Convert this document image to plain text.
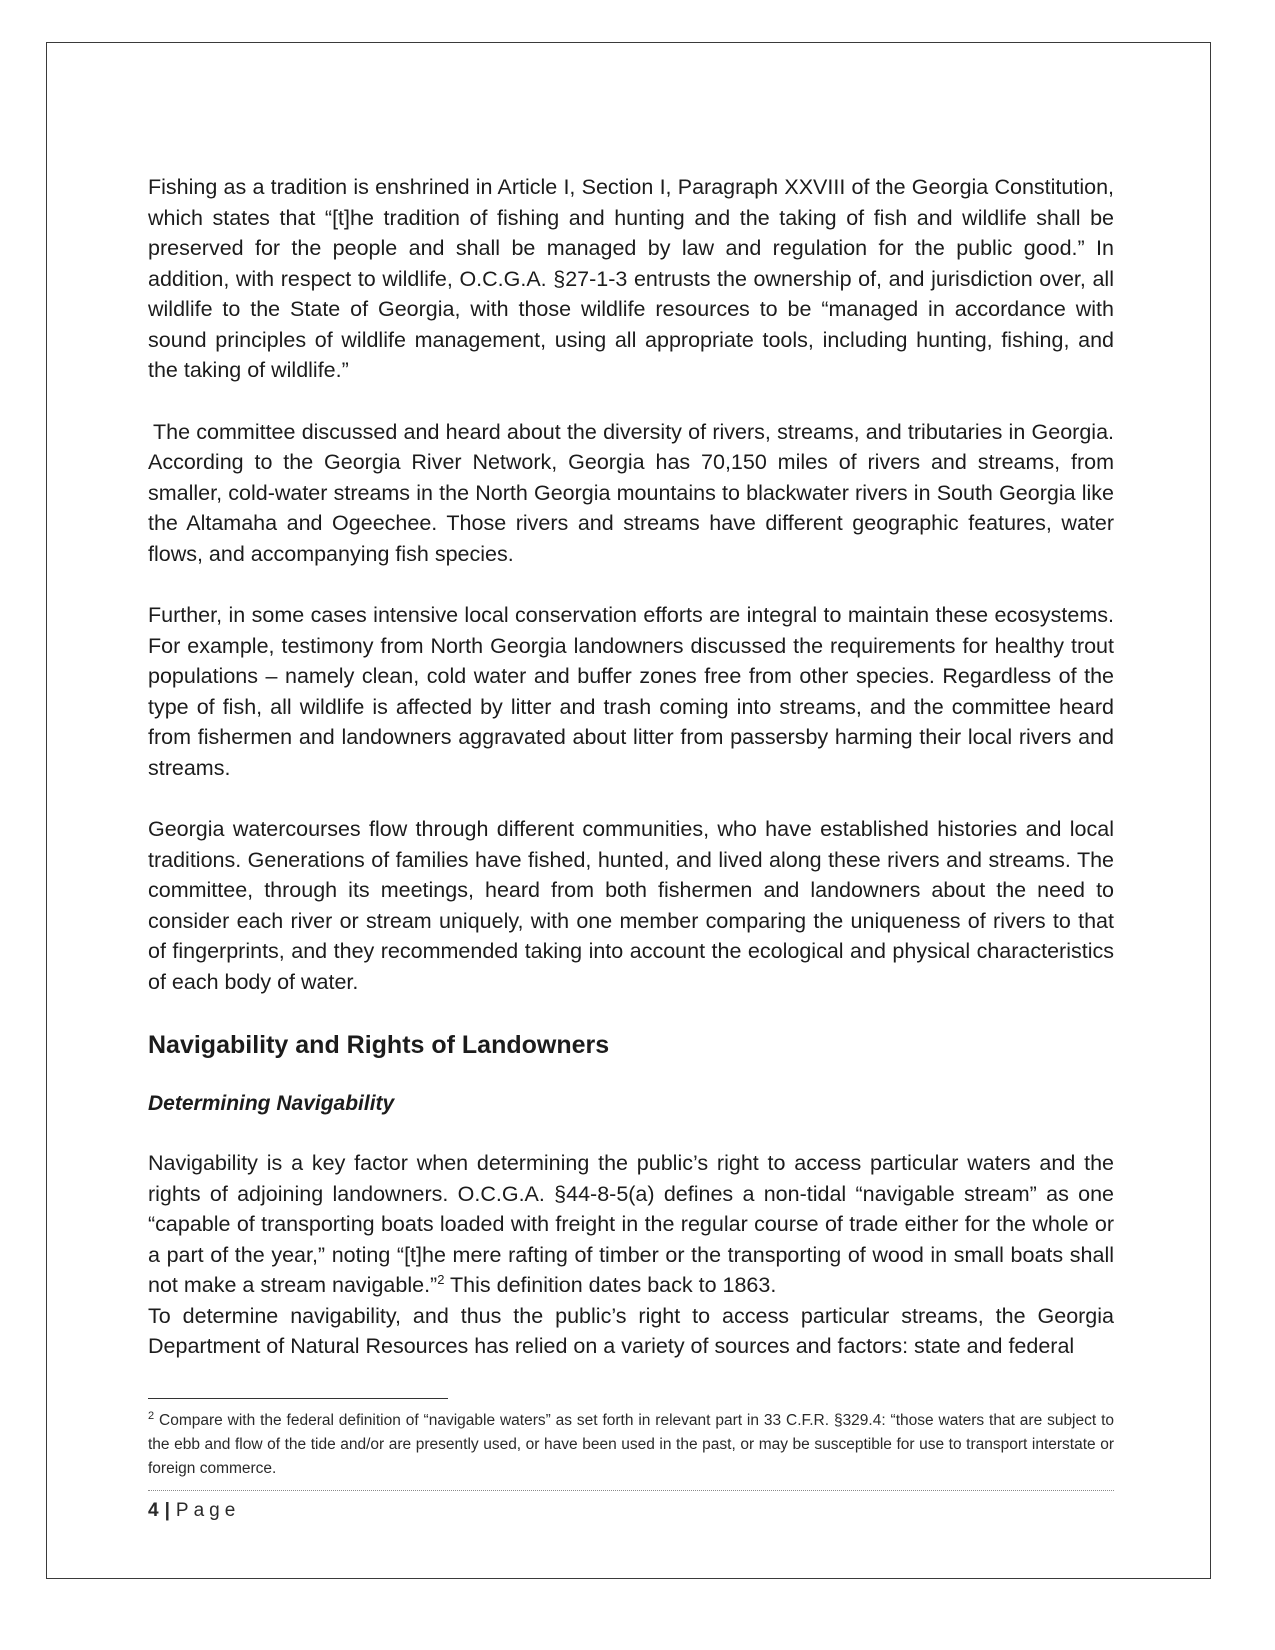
Fishing as a tradition is enshrined in Article I, Section I, Paragraph XXVIII of the Georgia Constitution, which states that “[t]he tradition of fishing and hunting and the taking of fish and wildlife shall be preserved for the people and shall be managed by law and regulation for the public good.” In addition, with respect to wildlife, O.C.G.A. §27-1-3 entrusts the ownership of, and jurisdiction over, all wildlife to the State of Georgia, with those wildlife resources to be “managed in accordance with sound principles of wildlife management, using all appropriate tools, including hunting, fishing, and the taking of wildlife.”

The committee discussed and heard about the diversity of rivers, streams, and tributaries in Georgia. According to the Georgia River Network, Georgia has 70,150 miles of rivers and streams, from smaller, cold-water streams in the North Georgia mountains to blackwater rivers in South Georgia like the Altamaha and Ogeechee. Those rivers and streams have different geographic features, water flows, and accompanying fish species.

Further, in some cases intensive local conservation efforts are integral to maintain these ecosystems. For example, testimony from North Georgia landowners discussed the requirements for healthy trout populations – namely clean, cold water and buffer zones free from other species. Regardless of the type of fish, all wildlife is affected by litter and trash coming into streams, and the committee heard from fishermen and landowners aggravated about litter from passersby harming their local rivers and streams.

Georgia watercourses flow through different communities, who have established histories and local traditions. Generations of families have fished, hunted, and lived along these rivers and streams. The committee, through its meetings, heard from both fishermen and landowners about the need to consider each river or stream uniquely, with one member comparing the uniqueness of rivers to that of fingerprints, and they recommended taking into account the ecological and physical characteristics of each body of water.

Navigability and Rights of Landowners
Determining Navigability

Navigability is a key factor when determining the public’s right to access particular waters and the rights of adjoining landowners. O.C.G.A. §44-8-5(a) defines a non-tidal “navigable stream” as one “capable of transporting boats loaded with freight in the regular course of trade either for the whole or a part of the year,” noting “[t]he mere rafting of timber or the transporting of wood in small boats shall not make a stream navigable.”$^2$ This definition dates back to 1863.

To determine navigability, and thus the public’s right to access particular streams, the Georgia Department of Natural Resources has relied on a variety of sources and factors: state and federal

$^2$ Compare with the federal definition of “navigable waters” as set forth in relevant part in 33 C.F.R. §329.4: “those waters that are subject to the ebb and flow of the tide and/or are presently used, or have been used in the past, or may be susceptible for use to transport interstate or foreign commerce.
4 | Page
